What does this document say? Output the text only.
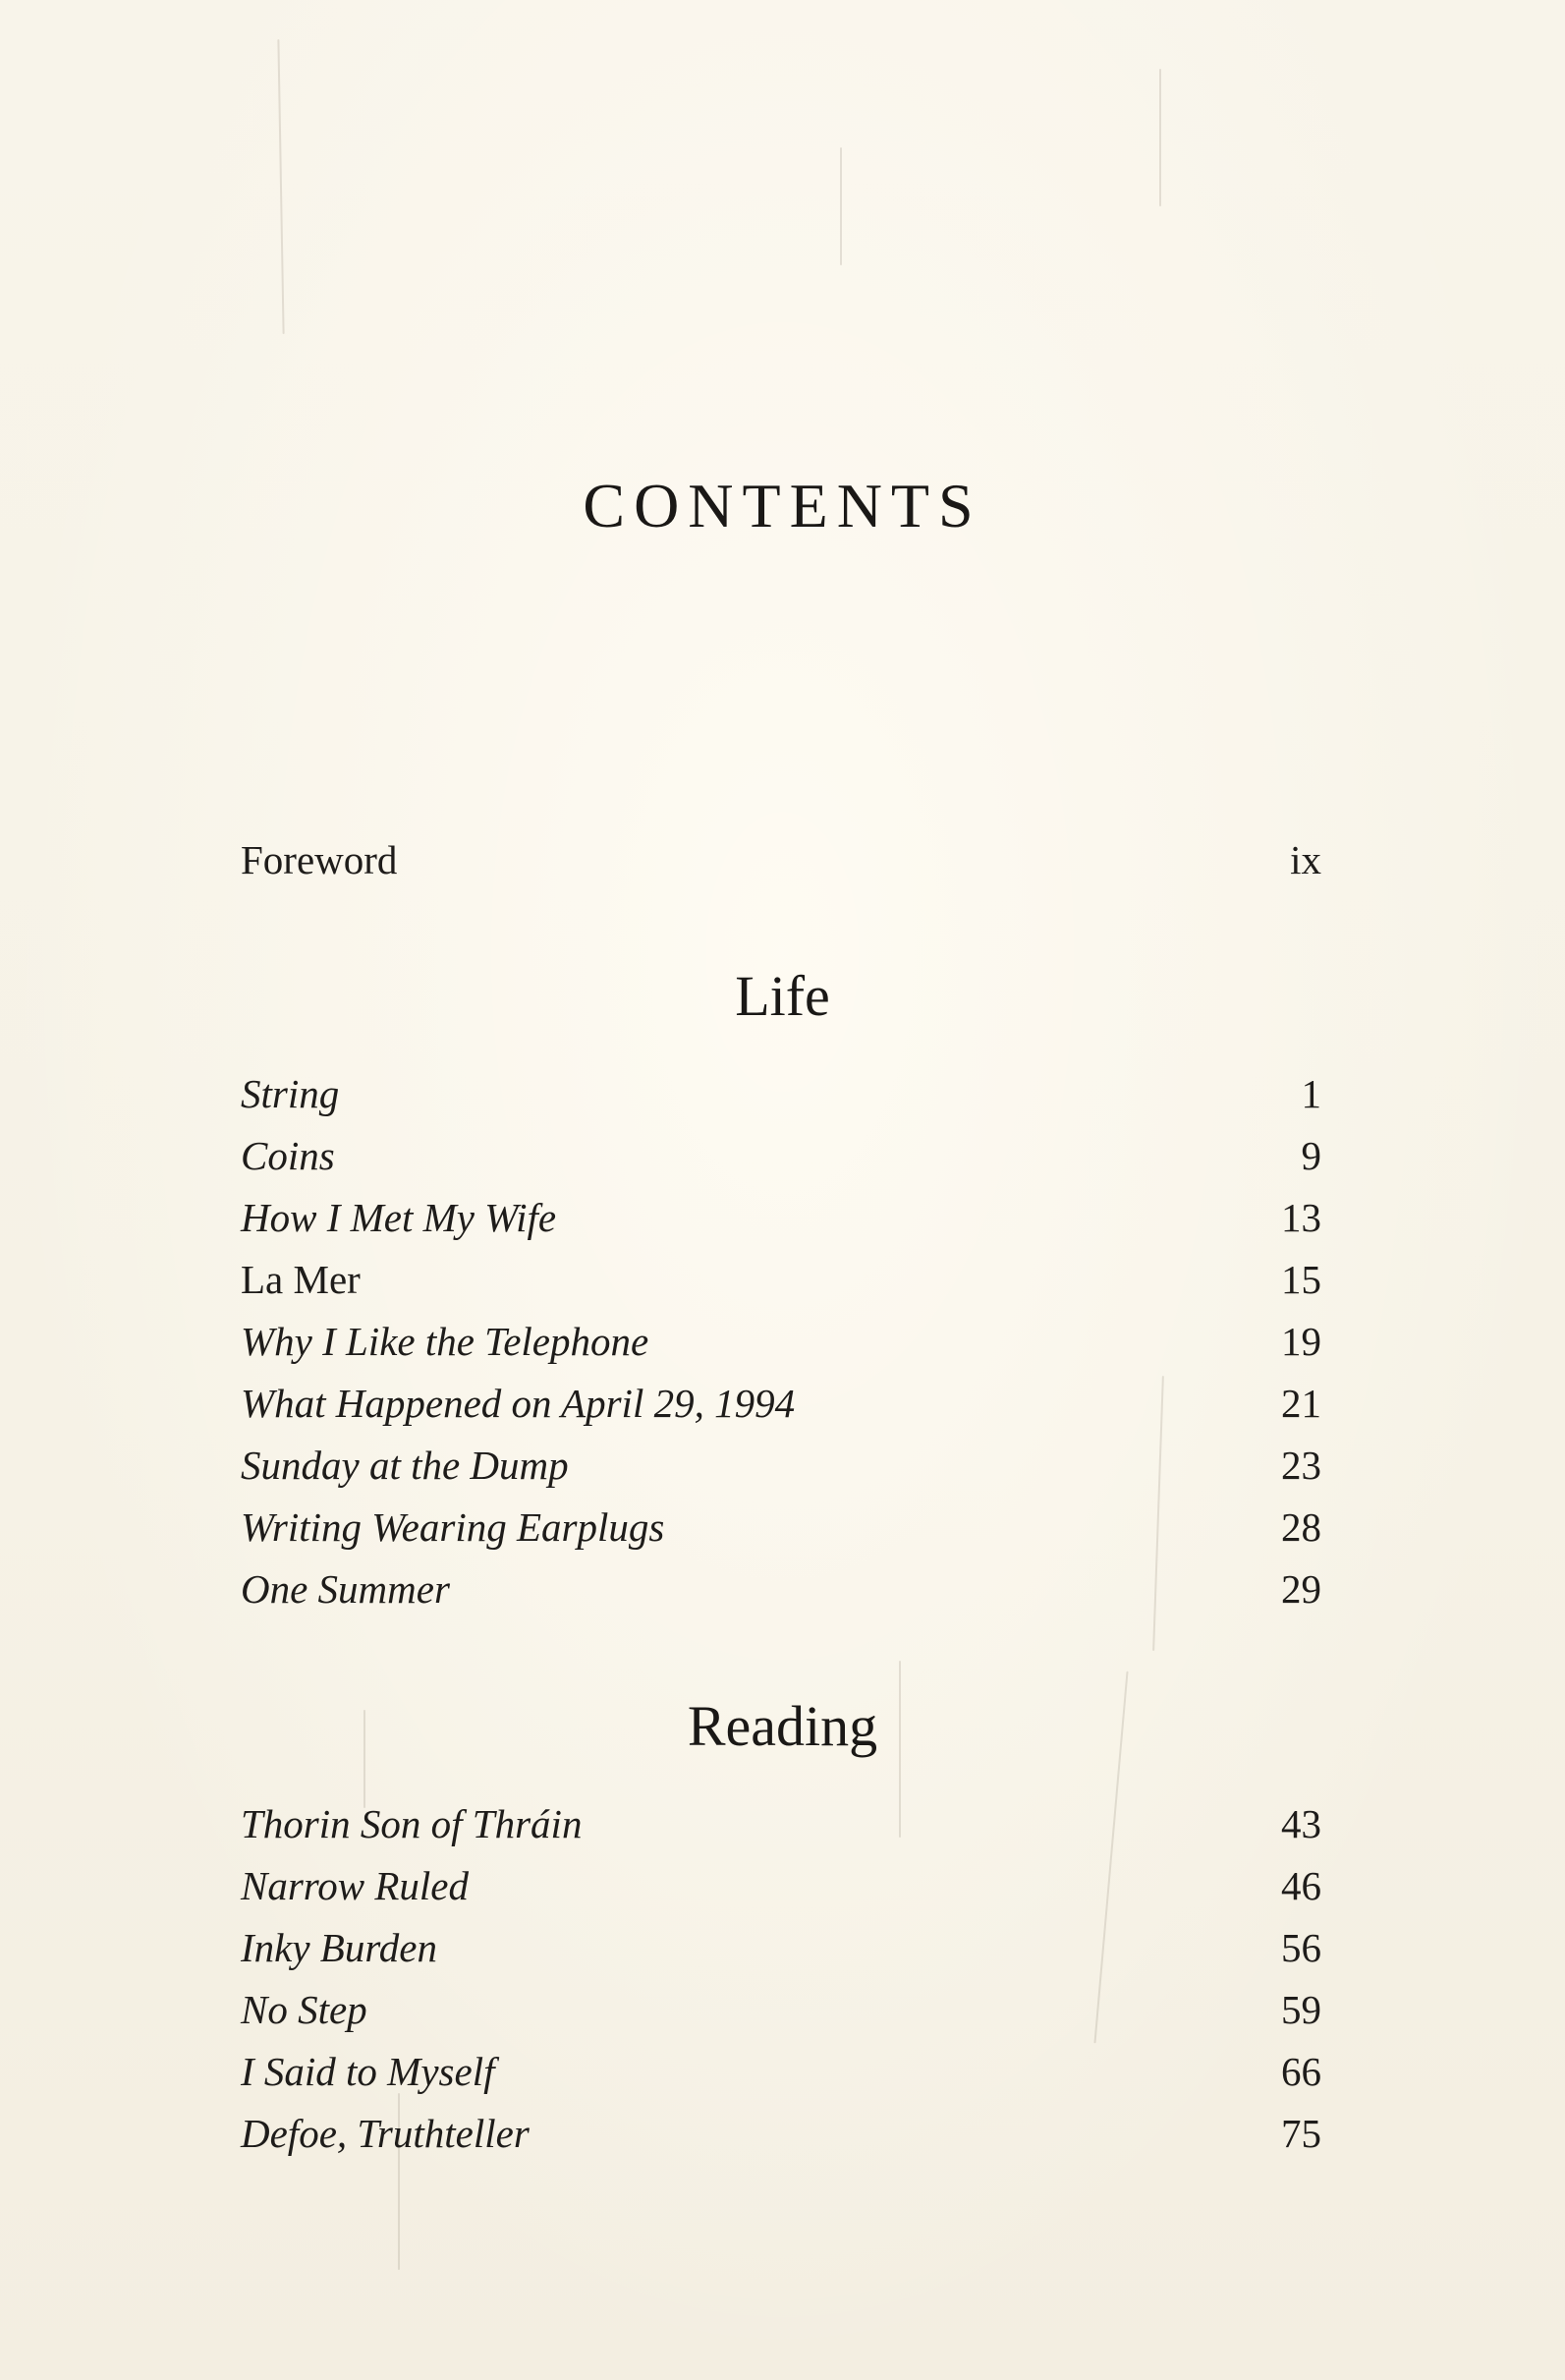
CONTENTS
Foreword	ix
Life
String	1
Coins	9
How I Met My Wife	13
La Mer	15
Why I Like the Telephone	19
What Happened on April 29, 1994	21
Sunday at the Dump	23
Writing Wearing Earplugs	28
One Summer	29
Reading
Thorin Son of Thráin	43
Narrow Ruled	46
Inky Burden	56
No Step	59
I Said to Myself	66
Defoe, Truthteller	75
